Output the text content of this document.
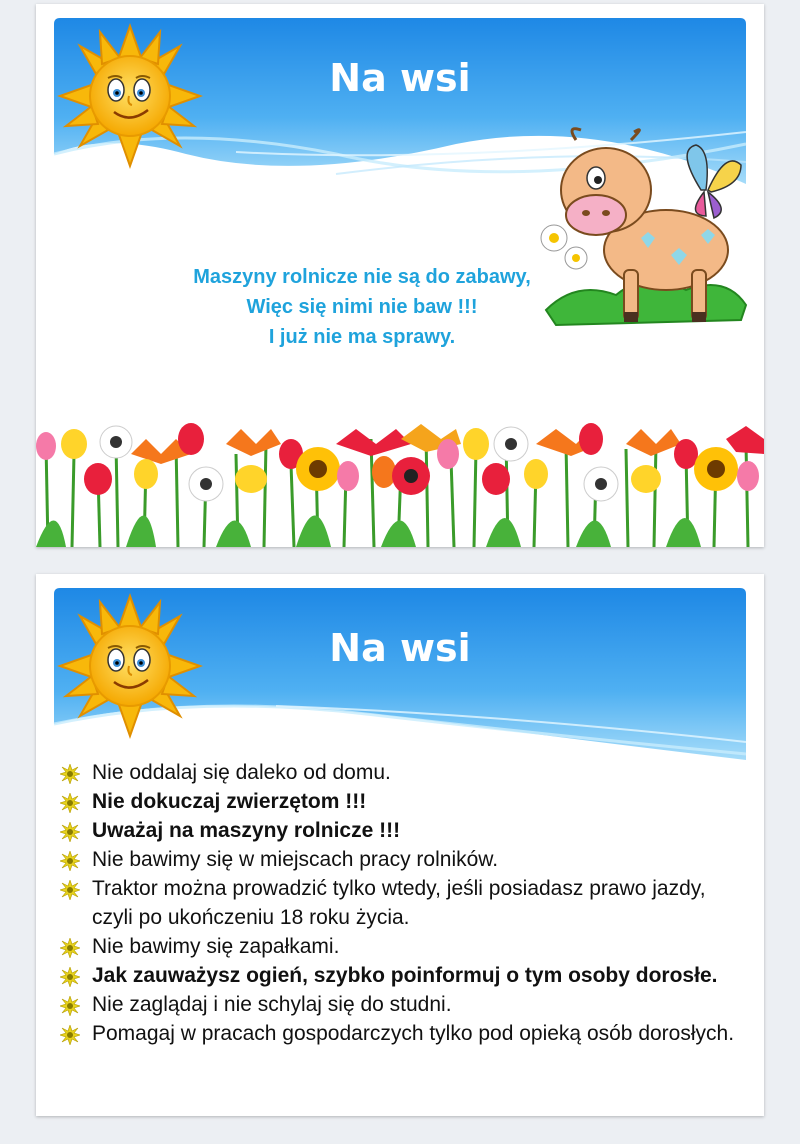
Na wsi
Maszyny rolnicze nie są do zabawy,
Więc się nimi nie baw !!!
I już nie ma sprawy.
Na wsi
Nie oddalaj się daleko od domu.
Nie dokuczaj zwierzętom !!!
Uważaj na maszyny rolnicze !!!
Nie bawimy się w miejscach pracy rolników.
Traktor można prowadzić tylko wtedy, jeśli posiadasz prawo jazdy, czyli po ukończeniu 18 roku życia.
Nie bawimy się zapałkami.
Jak zauważysz ogień, szybko poinformuj o tym osoby dorosłe.
Nie zaglądaj i nie schylaj się do studni.
Pomagaj w pracach gospodarczych tylko pod opieką osób dorosłych.
